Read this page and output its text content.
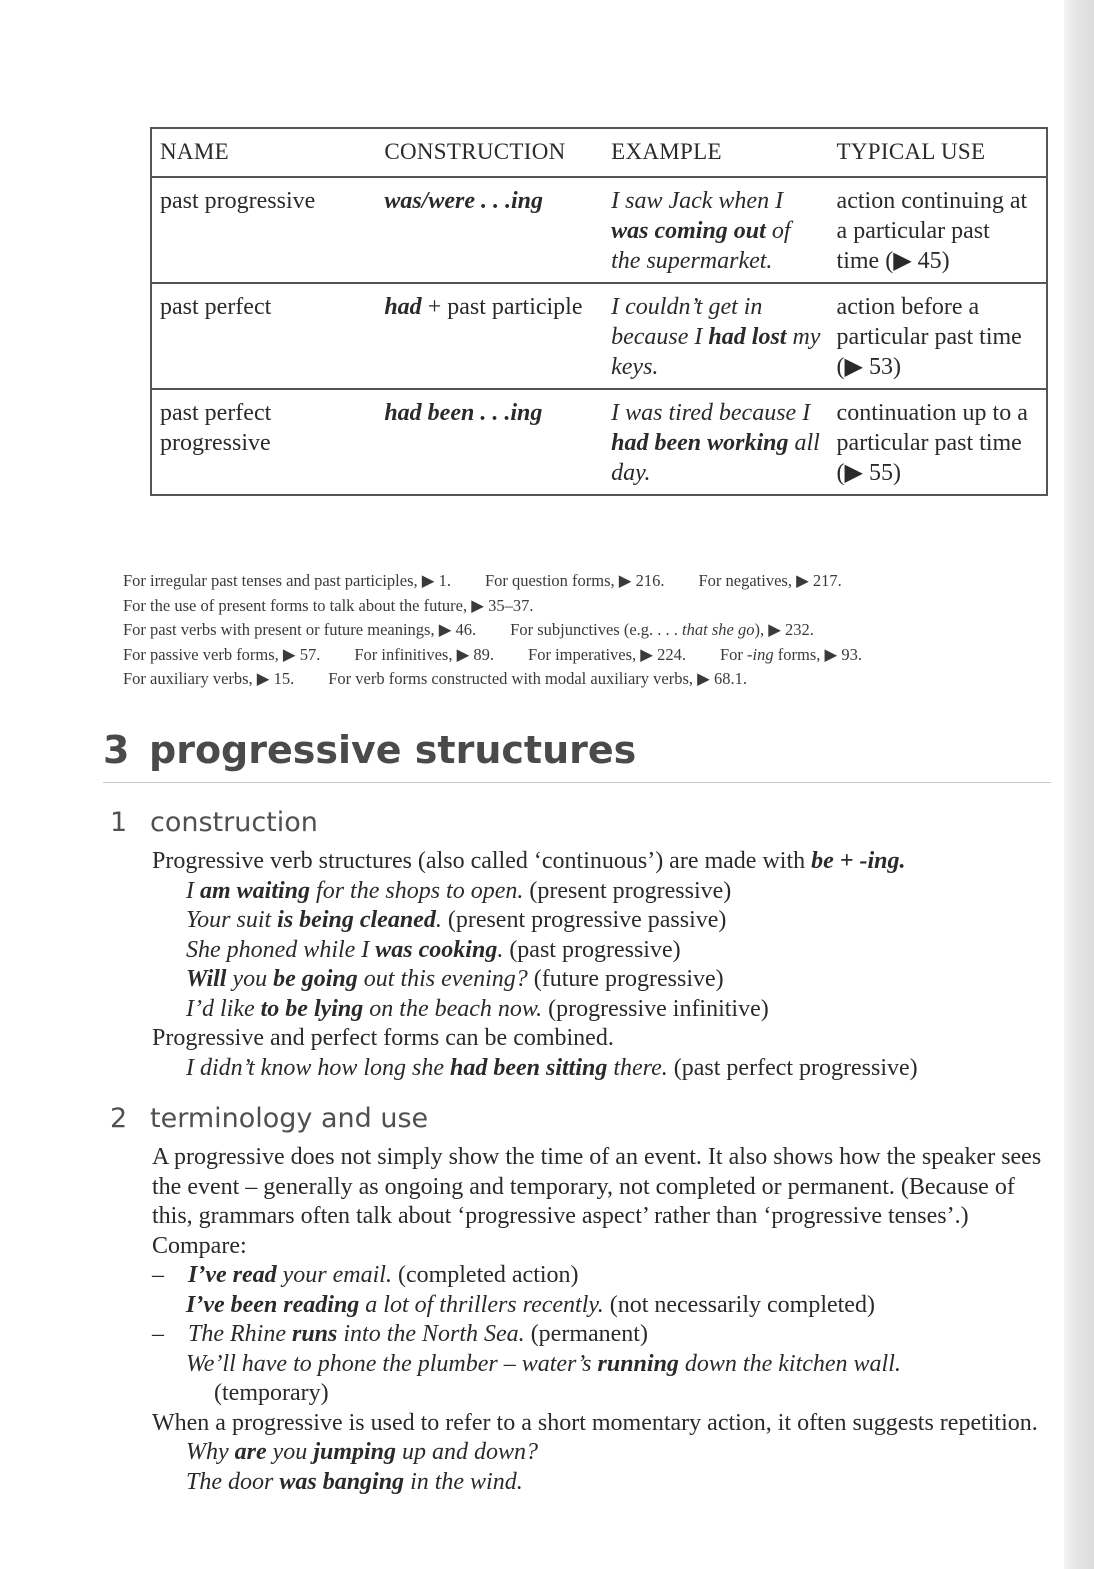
NAME	CONSTRUCTION	EXAMPLE	TYPICAL USE
past progressive	was/were . . .ing	I saw Jack when I was coming out of the supermarket.	action continuing at a particular past time (▶ 45)
past perfect	had + past participle	I couldn’t get in because I had lost my keys.	action before a particular past time (▶ 53)
past perfect progressive	had been . . .ing	I was tired because I had been working all day.	continuation up to a particular past time (▶ 55)
For irregular past tenses and past participles, ▶ 1. For question forms, ▶ 216. For negatives, ▶ 217.
For the use of present forms to talk about the future, ▶ 35–37.
For past verbs with present or future meanings, ▶ 46. For subjunctives (e.g. . . . that she go), ▶ 232.
For passive verb forms, ▶ 57. For infinitives, ▶ 89. For imperatives, ▶ 224. For -ing forms, ▶ 93.
For auxiliary verbs, ▶ 15. For verb forms constructed with modal auxiliary verbs, ▶ 68.1.
3 progressive structures
1 construction

Progressive verb structures (also called ‘continuous’) are made with be + -ing.

I am waiting for the shops to open. (present progressive)

Your suit is being cleaned. (present progressive passive)

She phoned while I was cooking. (past progressive)

Will you be going out this evening? (future progressive)

I’d like to be lying on the beach now. (progressive infinitive)

Progressive and perfect forms can be combined.

I didn’t know how long she had been sitting there. (past perfect progressive)

2 terminology and use

A progressive does not simply show the time of an event. It also shows how the speaker sees the event – generally as ongoing and temporary, not completed or permanent. (Because of this, grammars often talk about ‘progressive aspect’ rather than ‘progressive tenses’.) Compare:

– I’ve read your email. (completed action)

I’ve been reading a lot of thrillers recently. (not necessarily completed)

– The Rhine runs into the North Sea. (permanent)

We’ll have to phone the plumber – water’s running down the kitchen wall.

(temporary)

When a progressive is used to refer to a short momentary action, it often suggests repetition.

Why are you jumping up and down?

The door was banging in the wind.
